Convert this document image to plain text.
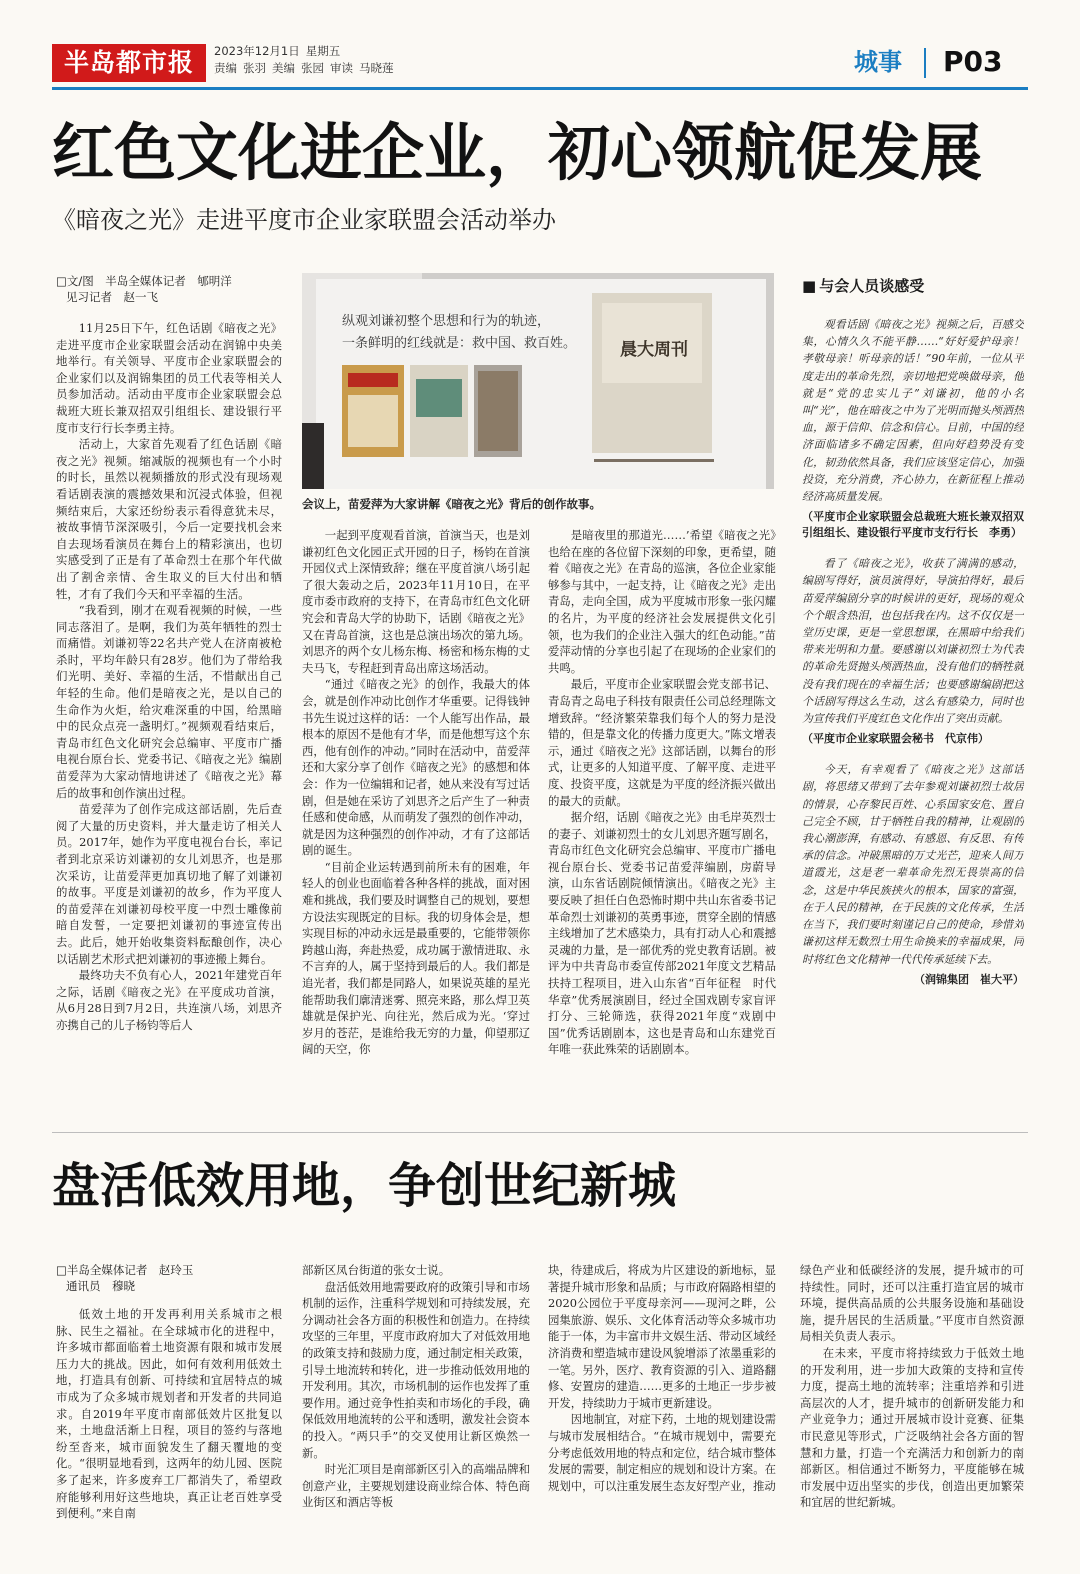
半岛都市报	2023年12月1日 星期五
责编 张羽 美编 张园 审读 马晓莲	城事 P03
红色文化进企业，初心领航促发展
《暗夜之光》走进平度市企业家联盟会活动举办
□文/图　半岛全媒体记者　郇明洋
见习记者　赵一飞

11月25日下午，红色话剧《暗夜之光》走进平度市企业家联盟会活动在润锦中央美地举行。有关领导、平度市企业家联盟会的企业家们以及润锦集团的员工代表等相关人员参加活动。活动由平度市企业家联盟会总裁班大班长兼双招双引组组长、建设银行平度市支行行长李勇主持。

活动上，大家首先观看了红色话剧《暗夜之光》视频。缩减版的视频也有一个小时的时长，虽然以视频播放的形式没有现场观看话剧表演的震撼效果和沉浸式体验，但视频结束后，大家还纷纷表示看得意犹未尽，被故事情节深深吸引，今后一定要找机会来自去现场看演员在舞台上的精彩演出，也切实感受到了正是有了革命烈士在那个年代做出了割舍亲情、舍生取义的巨大付出和牺牲，才有了我们今天和平幸福的生活。

“我看到，刚才在观看视频的时候，一些同志落泪了。是啊，我们为英年牺牲的烈士而痛惜。刘谦初等22名共产党人在济南被枪杀时，平均年龄只有28岁。他们为了带给我们光明、美好、幸福的生活，不惜献出自己年轻的生命。他们是暗夜之光，是以自己的生命作为火炬，给灾难深重的中国，给黑暗中的民众点亮一盏明灯。”视频观看结束后，青岛市红色文化研究会总编审、平度市广播电视台原台长、党委书记、《暗夜之光》编剧苗爱萍为大家动情地讲述了《暗夜之光》幕后的故事和创作演出过程。

苗爱萍为了创作完成这部话剧，先后查阅了大量的历史资料，并大量走访了相关人员。2017年，她作为平度电视台台长，率记者到北京采访刘谦初的女儿刘思齐，也是那次采访，让苗爱萍更加真切地了解了刘谦初的故事。平度是刘谦初的故乡，作为平度人的苗爱萍在刘谦初母校平度一中烈士雕像前暗自发誓，一定要把刘谦初的事迹宣传出去。此后，她开始收集资料酝酿创作，决心以话剧艺术形式把刘谦初的事迹搬上舞台。

最终功夫不负有心人，2021年建党百年之际，话剧《暗夜之光》在平度成功首演，从6月28日到7月2日，共连演八场，刘思齐亦携自己的儿子杨钧等后人

纵观刘谦初整个思想和行为的轨迹，
一条鲜明的红线就是：救中国、救百姓。	晨大周刊
会议上，苗爱萍为大家讲解《暗夜之光》背后的创作故事。

一起到平度观看首演，首演当天，也是刘谦初红色文化园正式开园的日子，杨钧在首演开园仪式上深情致辞；继在平度首演八场引起了很大轰动之后，2023年11月10日，在平度市委市政府的支持下，在青岛市红色文化研究会和青岛大学的协助下，话剧《暗夜之光》又在青岛首演，这也是总演出场次的第九场。刘思齐的两个女儿杨东梅、杨密和杨东梅的丈夫马飞，专程赶到青岛出席这场活动。

“通过《暗夜之光》的创作，我最大的体会，就是创作冲动比创作才华重要。记得钱钟书先生说过这样的话：一个人能写出作品，最根本的原因不是他有才华，而是他想写这个东西，他有创作的冲动。”同时在活动中，苗爱萍还和大家分享了创作《暗夜之光》的感想和体会：作为一位编辑和记者，她从来没有写过话剧，但是她在采访了刘思齐之后产生了一种责任感和使命感，从而萌发了强烈的创作冲动，就是因为这种强烈的创作冲动，才有了这部话剧的诞生。

“目前企业运转遇到前所未有的困难，年轻人的创业也面临着各种各样的挑战，面对困难和挑战，我们要及时调整自己的规划，要想方设法实现既定的目标。我的切身体会是，想实现目标的冲动永远是最重要的，它能带领你跨越山海，奔赴热爱，成功属于激情进取、永不言弃的人，属于坚持到最后的人。我们都是追光者，我们都是同路人，如果说英雄的星光能帮助我们廓清迷雾、照亮来路，那么焊卫英雄就是保护光、向往光，然后成为光。‘穿过岁月的苍茫，是谁给我无穷的力量，仰望那辽阔的天空，你

是暗夜里的那道光……’希望《暗夜之光》也给在座的各位留下深刻的印象，更希望，随着《暗夜之光》在青岛的巡演，各位企业家能够参与其中，一起支持，让《暗夜之光》走出青岛，走向全国，成为平度城市形象一张闪耀的名片，为平度的经济社会发展提供文化引领，也为我们的企业注入强大的红色动能。”苗爱萍动情的分享也引起了在现场的企业家们的共鸣。

最后，平度市企业家联盟会党支部书记、青岛青之岛电子科技有限责任公司总经理陈文增致辞。“经济繁荣靠我们每个人的努力是没错的，但是靠文化的传播力度更大。”陈文增表示，通过《暗夜之光》这部话剧，以舞台的形式，让更多的人知道平度、了解平度、走进平度、投资平度，这就是为平度的经济振兴做出的最大的贡献。

据介绍，话剧《暗夜之光》由毛岸英烈士的妻子、刘谦初烈士的女儿刘思齐题写剧名，青岛市红色文化研究会总编审、平度市广播电视台原台长、党委书记苗爱萍编剧，房蔚导演，山东省话剧院倾情演出。《暗夜之光》主要反映了担任白色恐怖时期中共山东省委书记革命烈士刘谦初的英勇事迹，贯穿全剧的情感主线增加了艺术感染力，具有打动人心和震撼灵魂的力量，是一部优秀的党史教育话剧。被评为中共青岛市委宣传部2021年度文艺精品扶持工程项目，进入山东省“百年征程　时代华章”优秀展演剧目，经过全国戏剧专家盲评打分、三轮筛选，获得2021年度“戏剧中国”优秀话剧剧本，这也是青岛和山东建党百年唯一获此殊荣的话剧剧本。

■ 与会人员谈感受

观看话剧《暗夜之光》视频之后，百感交集，心情久久不能平静……“好好爱护母亲！孝敬母亲！听母亲的话！”90年前，一位从平度走出的革命先烈，亲切地把党唤做母亲，他就是“党的忠实儿子”刘谦初，他的小名叫“光”，他在暗夜之中为了光明而抛头颅洒热血，源于信仰、信念和信心。目前，中国的经济面临诸多不确定因素，但向好趋势没有变化，韧劲依然具备，我们应该坚定信心，加强投资，充分消费，齐心协力，在新征程上推动经济高质量发展。

（平度市企业家联盟会总裁班大班长兼双招双引组组长、建设银行平度市支行行长　李勇）

看了《暗夜之光》，收获了满满的感动，编剧写得好，演员演得好，导演拍得好，最后苗爱萍编剧分享的时候讲的更好，现场的观众个个眼含热泪，也包括我在内。这不仅仅是一堂历史课，更是一堂思想课，在黑暗中给我们带来光明和力量。要感谢以刘谦初烈士为代表的革命先贤抛头颅洒热血，没有他们的牺牲就没有我们现在的幸福生活；也要感谢编剧把这个话剧写得这么生动，这么有感染力，同时也为宣传我们平度红色文化作出了突出贡献。

（平度市企业家联盟会秘书　代京伟）

今天，有幸观看了《暗夜之光》这部话剧，将思绪又带到了去年参观刘谦初烈士故居的情景，心存黎民百姓、心系国家安危、置自己完全不顾，甘于牺牲自我的精神，让观剧的我心潮澎湃，有感动、有感恩、有反思、有传承的信念。冲破黑暗的万丈光芒，迎来人间万道霞光，这是老一辈革命先烈无畏崇高的信念，这是中华民族挟火的根本，国家的富强，在于人民的精神，在于民族的文化传承，生活在当下，我们要时刻谨记自己的使命，珍惜刘谦初这样无数烈士用生命换来的幸福成果，同时将红色文化精神一代代传承延续下去。

（润锦集团　崔大平）
盘活低效用地，争创世纪新城
□半岛全媒体记者　赵玲玉
通讯员　穆晓

低效土地的开发再利用关系城市之根脉、民生之福祉。在全球城市化的进程中，许多城市都面临着土地资源有限和城市发展压力大的挑战。因此，如何有效利用低效土地，打造具有创新、可持续和宜居特点的城市成为了众多城市规划者和开发者的共同追求。自2019年平度市南部低效片区批复以来，土地盘活渐上日程，项目的签约与落地纷至沓来，城市面貌发生了翻天覆地的变化。“很明显地看到，这两年的幼儿园、医院多了起来，许多废弃工厂都消失了，希望政府能够利用好这些地块，真正让老百姓享受到便利。”来自南

部新区凤台街道的张女士说。

盘活低效用地需要政府的政策引导和市场机制的运作，注重科学规划和可持续发展，充分调动社会各方面的积极性和创造力。在持续攻坚的三年里，平度市政府加大了对低效用地的政策支持和鼓励力度，通过制定相关政策，引导土地流转和转化，进一步推动低效用地的开发利用。其次，市场机制的运作也发挥了重要作用。通过竞争性拍卖和市场化的手段，确保低效用地流转的公平和透明，激发社会资本的投入。“两只手”的交叉使用让新区焕然一新。

时光汇项目是南部新区引入的高端品牌和创意产业，主要规划建设商业综合体、特色商业街区和酒店等板

块，待建成后，将成为片区建设的新地标，显著提升城市形象和品质；与市政府隔路相望的2020公园位于平度母亲河——现河之畔，公园集旅游、娱乐、文化体育活动等众多城市功能于一体，为丰富市井文娱生活、带动区域经济消费和塑造城市建设风貌增添了浓墨重彩的一笔。另外，医疗、教育资源的引入、道路翻修、安置房的建造……更多的土地正一步步被开发，持续助力于城市更新建设。

因地制宜，对症下药，土地的规划建设需与城市发展相结合。“在城市规划中，需要充分考虑低效用地的特点和定位，结合城市整体发展的需要，制定相应的规划和设计方案。在规划中，可以注重发展生态友好型产业，推动

绿色产业和低碳经济的发展，提升城市的可持续性。同时，还可以注重打造宜居的城市环境，提供高品质的公共服务设施和基础设施，提升居民的生活质量。”平度市自然资源局相关负责人表示。

在未来，平度市将持续致力于低效土地的开发利用，进一步加大政策的支持和宣传力度，提高土地的流转率；注重培养和引进高层次的人才，提升城市的创新研发能力和产业竞争力；通过开展城市设计竞赛、征集市民意见等形式，广泛吸纳社会各方面的智慧和力量，打造一个充满活力和创新力的南部新区。相信通过不断努力，平度能够在城市发展中迈出坚实的步伐，创造出更加繁荣和宜居的世纪新城。
